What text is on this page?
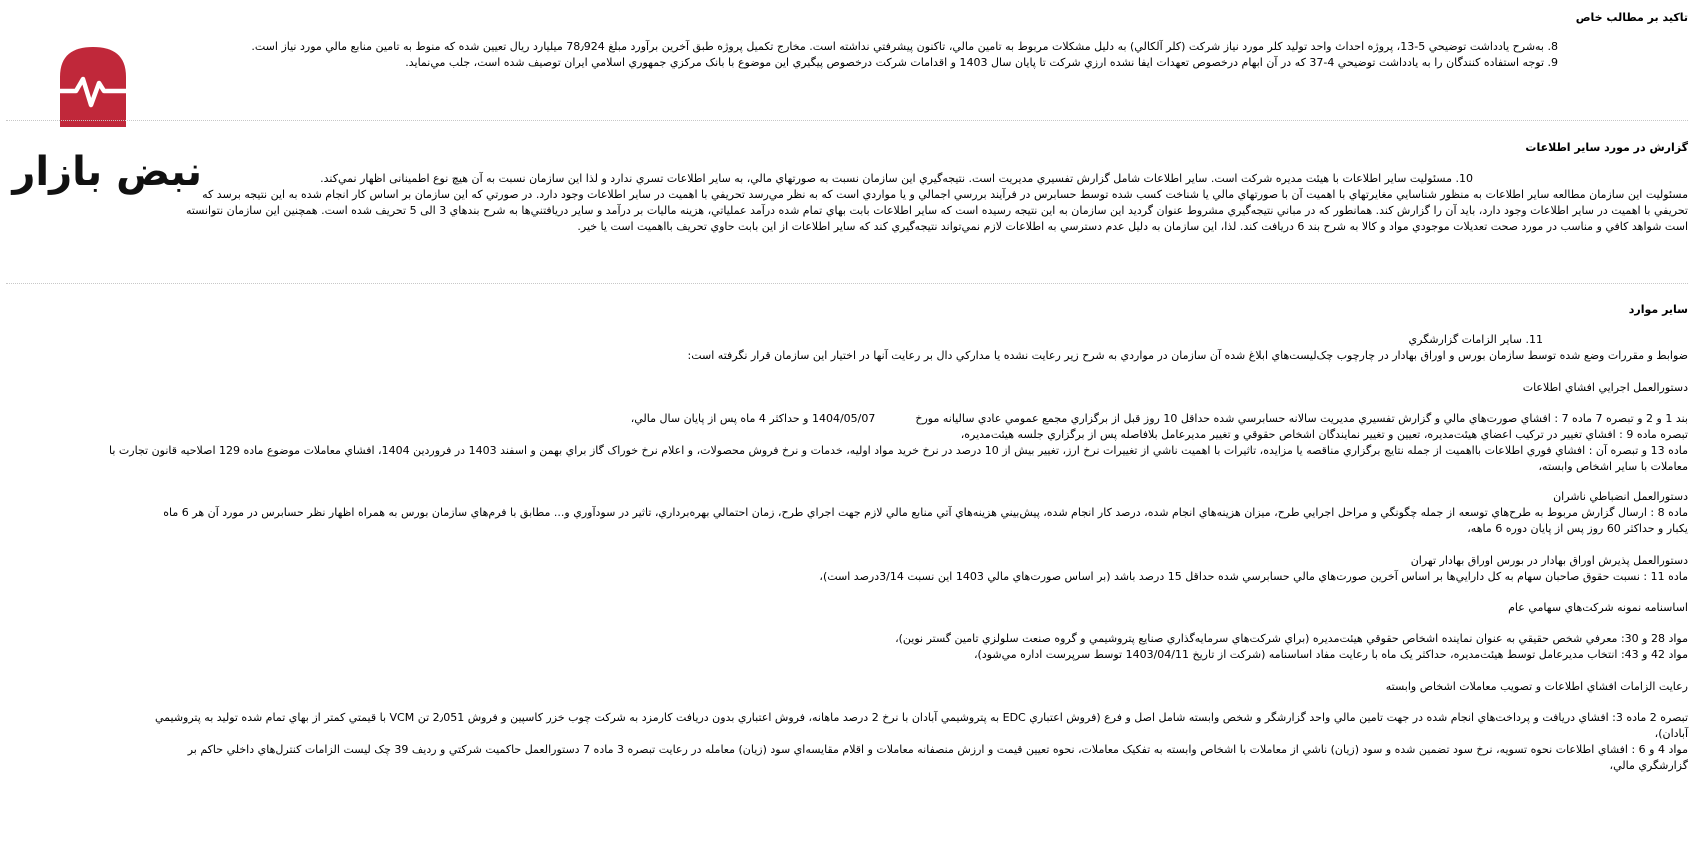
نبض بازار
تاكيد بر مطالب خاص
8. به‌شرح يادداشت توضيحي 5-13، پروژه احداث واحد توليد كلر مورد نياز شركت (كلر آلكالي) به دليل مشكلات مربوط به تامين مالي، تاكنون پيشرفتي نداشته است. مخارج تكميل پروژه طبق آخرين برآورد مبلغ 78٫924 ميليارد ريال تعيين شده كه منوط به تامين منابع مالي مورد نياز است.
9. توجه استفاده كنندگان را به يادداشت توضيحي 4-37 كه در آن ابهام درخصوص تعهدات ايفا نشده ارزي شركت تا پايان سال 1403 و اقدامات شركت درخصوص پيگيري اين موضوع با بانک مرکزي جمهوري اسلامي ايران توصيف شده است، جلب مي‌نمايد.
گزارش در مورد ساير اطلاعات
10. مسئوليت ساير اطلاعات با هيئت مديره شركت است. ساير اطلاعات شامل گزارش تفسيري مديريت است. نتيجه‌گيري اين سازمان نسبت به صورتهاي مالي، به ساير اطلاعات تسري ندارد و لذا اين سازمان نسبت به آن هيچ نوع اطمينانی اظهار نمي‌كند.
مسئوليت اين سازمان مطالعه ساير اطلاعات به منظور شناسايي مغايرتهاي با اهميت آن با صورتهاي مالي يا شناخت كسب شده توسط حسابرس در فرآيند بررسي اجمالي و يا مواردي است كه به نظر مي‌رسد تحريفي با اهميت در ساير اطلاعات وجود دارد. در صورتي كه اين سازمان بر اساس كار انجام شده به اين نتيجه برسد كه
تحريفي با اهميت در ساير اطلاعات وجود دارد، بايد آن را گزارش كند. همانطور كه در مباني نتيجه‌گيري مشروط عنوان گرديد اين سازمان به اين نتيجه رسيده است كه ساير اطلاعات بابت بهاي تمام شده درآمد عملياتي، هزينه ماليات بر درآمد و ساير دريافتني‌ها به شرح بندهاي 3 الی 5 تحريف شده است. همچنين اين سازمان نتوانسته
است شواهد کافي و مناسب در مورد صحت تعديلات موجودي مواد و كالا به شرح بند 6 دريافت كند. لذا، اين سازمان به دليل عدم دسترسي به اطلاعات لازم نمي‌تواند نتيجه‌گيري كند كه ساير اطلاعات از اين بابت حاوي تحريف بااهميت است يا خير.
ساير موارد
11. ساير الزامات گزارشگري
ضوابط و مقررات وضع شده توسط سازمان بورس و اوراق بهادار در چارچوب چک‌ليست‌هاي ابلاغ شده آن سازمان در مواردي به شرح زير رعايت نشده يا مداركي دال بر رعايت آنها در اختيار اين سازمان قرار نگرفته است:
دستورالعمل اجرايي افشاي اطلاعات
بند 1 و 2 و تبصره 7 ماده 7 : افشاي صورت‌هاي مالي و گزارش تفسيري مديريت سالانه حسابرسي شده حداقل 10 روز قبل از برگزاري مجمع عمومي عادي ساليانه مورخ1404/05/07 و حداكثر 4 ماه پس از پايان سال مالي،
تبصره ماده 9 : افشاي تغيير در تركيب اعضاي هيئت‌مديره، تعيين و تغيير نمايندگان اشخاص حقوقي و تغيير مديرعامل بلافاصله پس از برگزاري جلسه هيئت‌مديره،
ماده 13 و تبصره آن : افشاي فوري اطلاعات بااهميت از جمله نتايج برگزاري مناقصه يا مزايده، تاثيرات با اهميت ناشي از تغييرات نرخ ارز، تغيير بيش از 10 درصد در نرخ خريد مواد اوليه، خدمات و نرخ فروش محصولات، و اعلام نرخ خوراک گاز براي بهمن و اسفند 1403 در فروردين 1404، افشاي معاملات موضوع ماده 129 اصلاحيه قانون تجارت با
معاملات با ساير اشخاص وابسته،
دستورالعمل انضباطي ناشران
ماده 8 : ارسال گزارش مربوط به طرح‌هاي توسعه از جمله چگونگي و مراحل اجرايي طرح، ميزان هزينه‌هاي انجام شده، درصد كار انجام شده، پيش‌بيني هزينه‌هاي آتي منابع مالي لازم جهت اجراي طرح، زمان احتمالي بهره‌برداري، تاثير در سودآوري و... مطابق با فرم‌هاي سازمان بورس به همراه اظهار نظر حسابرس در مورد آن هر 6 ماه
يكبار و حداكثر 60 روز پس از پايان دوره 6 ماهه،
دستورالعمل پذيرش اوراق بهادار در بورس اوراق بهادار تهران
ماده 11 : نسبت حقوق صاحبان سهام به كل دارايي‌ها بر اساس آخرين صورت‌هاي مالي حسابرسي شده حداقل 15 درصد باشد (بر اساس صورت‌هاي مالي 1403 اين نسبت 3/14درصد است)،
اساسنامه نمونه شركت‌هاي سهامي عام
مواد 28 و 30: معرفي شخص حقيقي به عنوان نماينده اشخاص حقوقي هيئت‌مديره (براي شركت‌هاي سرمايه‌گذاري صنايع پتروشيمي و گروه صنعت سلولزي تامين گستر نوين)،
مواد 42 و 43: انتخاب مديرعامل توسط هيئت‌مديره، حداكثر يک ماه با رعايت مفاد اساسنامه (شركت از تاريخ 1403/04/11 توسط سرپرست اداره مي‌شود)،
رعايت الزامات افشاي اطلاعات و تصويب معاملات اشخاص وابسته
تبصره 2 ماده 3: افشاي دريافت و پرداخت‌هاي انجام شده در جهت تامين مالي واحد گزارشگر و شخص وابسته شامل اصل و فرع (فروش اعتباري EDC به پتروشيمي آبادان با نرخ 2 درصد ماهانه، فروش اعتباري بدون دريافت كارمزد به شركت چوب خزر كاسپين و فروش 2٫051 تن VCM با قيمتي كمتر از بهاي تمام شده توليد به پتروشيمي
آبادان)،
مواد 4 و 6 : افشاي اطلاعات نحوه تسويه، نرخ سود تضمين شده و سود (زيان) ناشي از معاملات با اشخاص وابسته به تفكيک معاملات، نحوه تعيين قيمت و ارزش منصفانه معاملات و اقلام مقايسه‌اي سود (زيان) معامله در رعايت تبصره 3 ماده 7 دستورالعمل حاكميت شركتي و رديف 39 چک ليست الزامات كنترل‌هاي داخلي حاكم بر
گزارشگري مالي،
